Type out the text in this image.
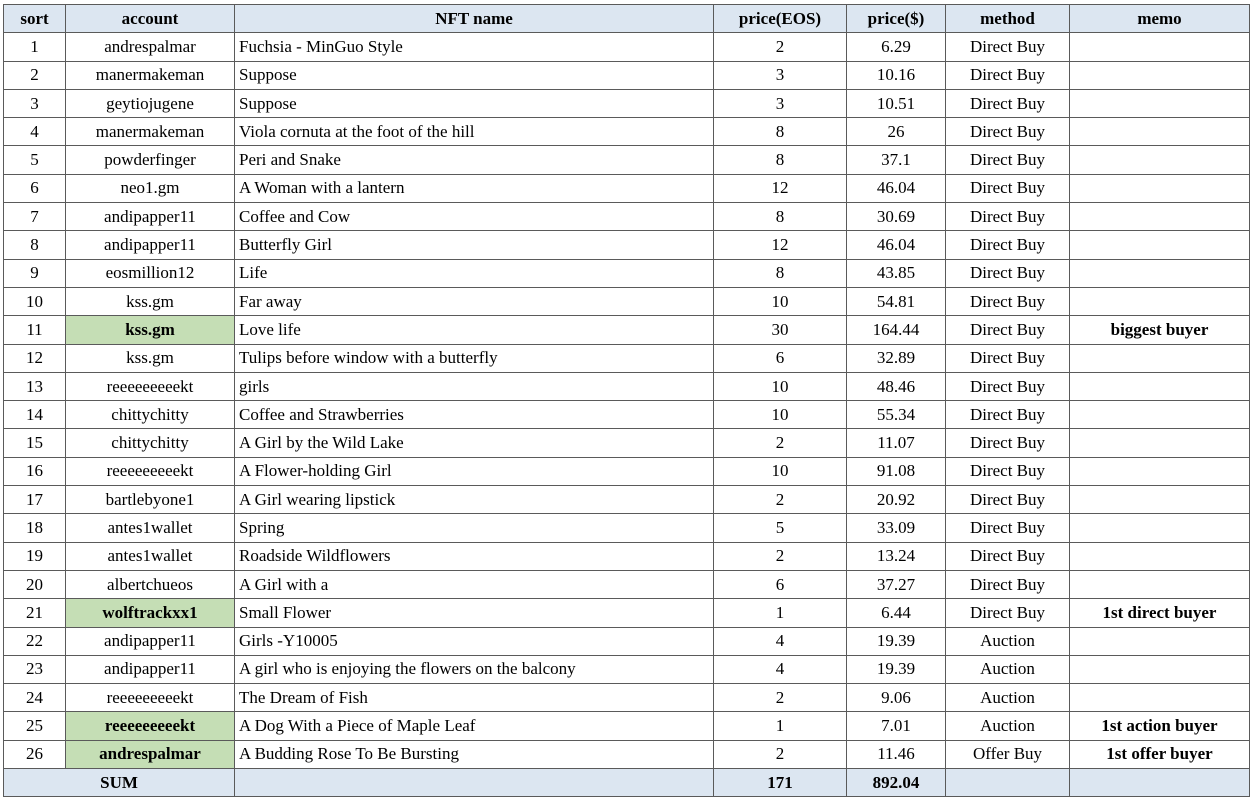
sort	account	NFT name	price(EOS)	price($)	method	memo
1	andrespalmar	Fuchsia - MinGuo Style	2	6.29	Direct Buy	
2	manermakeman	Suppose	3	10.16	Direct Buy	
3	geytiojugene	Suppose	3	10.51	Direct Buy	
4	manermakeman	Viola cornuta at the foot of the hill	8	26	Direct Buy	
5	powderfinger	Peri and Snake	8	37.1	Direct Buy	
6	neo1.gm	A Woman with a lantern	12	46.04	Direct Buy	
7	andipapper11	Coffee and Cow	8	30.69	Direct Buy	
8	andipapper11	Butterfly Girl	12	46.04	Direct Buy	
9	eosmillion12	Life	8	43.85	Direct Buy	
10	kss.gm	Far away	10	54.81	Direct Buy	
11	kss.gm	Love life	30	164.44	Direct Buy	biggest buyer
12	kss.gm	Tulips before window with a butterfly	6	32.89	Direct Buy	
13	reeeeeeeeekt	girls	10	48.46	Direct Buy	
14	chittychitty	Coffee and Strawberries	10	55.34	Direct Buy	
15	chittychitty	A Girl by the Wild Lake	2	11.07	Direct Buy	
16	reeeeeeeeekt	A Flower-holding Girl	10	91.08	Direct Buy	
17	bartlebyone1	A Girl wearing lipstick	2	20.92	Direct Buy	
18	antes1wallet	Spring	5	33.09	Direct Buy	
19	antes1wallet	Roadside Wildflowers	2	13.24	Direct Buy	
20	albertchueos	A Girl with a	6	37.27	Direct Buy	
21	wolftrackxx1	Small Flower	1	6.44	Direct Buy	1st direct buyer
22	andipapper11	Girls -Y10005	4	19.39	Auction	
23	andipapper11	A girl who is enjoying the flowers on the balcony	4	19.39	Auction	
24	reeeeeeeeekt	The Dream of Fish	2	9.06	Auction	
25	reeeeeeeeekt	A Dog With a Piece of Maple Leaf	1	7.01	Auction	1st action buyer
26	andrespalmar	A Budding Rose To Be Bursting	2	11.46	Offer Buy	1st offer buyer
SUM			171	892.04		
